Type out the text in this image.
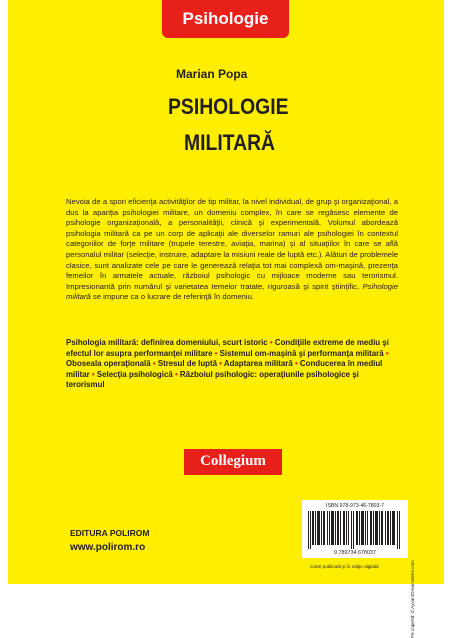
Psihologie
Marian Popa
PSIHOLOGIE
MILITARĂ

Nevoia de a spori eficienţa activităţilor de tip militar, la nivel individual, de grup şi organizaţional, a dus la apariţia psihologiei militare, un domeniu complex, în care se regăsesc elemente de psihologie organizaţională, a personalităţii, clinică şi experimentală. Volumul abordează psihologia militară ca pe un corp de aplicaţii ale diverselor ramuri ale psihologiei în contextul categoriilor de forţe militare (trupele terestre, aviaţia, marina) şi al situaţiilor în care se află personalul militar (selecţie, instruire, adaptare la misiuni reale de luptă etc.). Alături de problemele clasice, sunt analizate cele pe care le generează relaţia tot mai complexă om-maşină, prezenţa femeilor în armatele actuale, războiul psihologic cu mijloace moderne sau terorismul. Impresionantă prin numărul şi varietatea temelor tratate, riguroasă şi spirit ştiinţific, Psihologie militară se impune ca o lucrare de referinţă în domeniu.

Psihologia militară: definirea domeniului, scurt istoric • Condiţiile extreme de mediu şi efectul lor asupra performanţei militare • Sistemul om-maşină şi performanţa militară • Oboseala operaţională • Stresul de luptă • Adaptarea militară • Conducerea în mediul militar • Selecţia psihologică • Războiul psihologic: operaţiunile psihologice şi terorismul

Collegium
EDITURA POLIROM
www.polirom.ro
ISBN 978-973-46-7803-7
9 789734 678037
Carte publicată şi în ediţie digitală	Pe copertă: © Ayvan/Dreamstime.com
